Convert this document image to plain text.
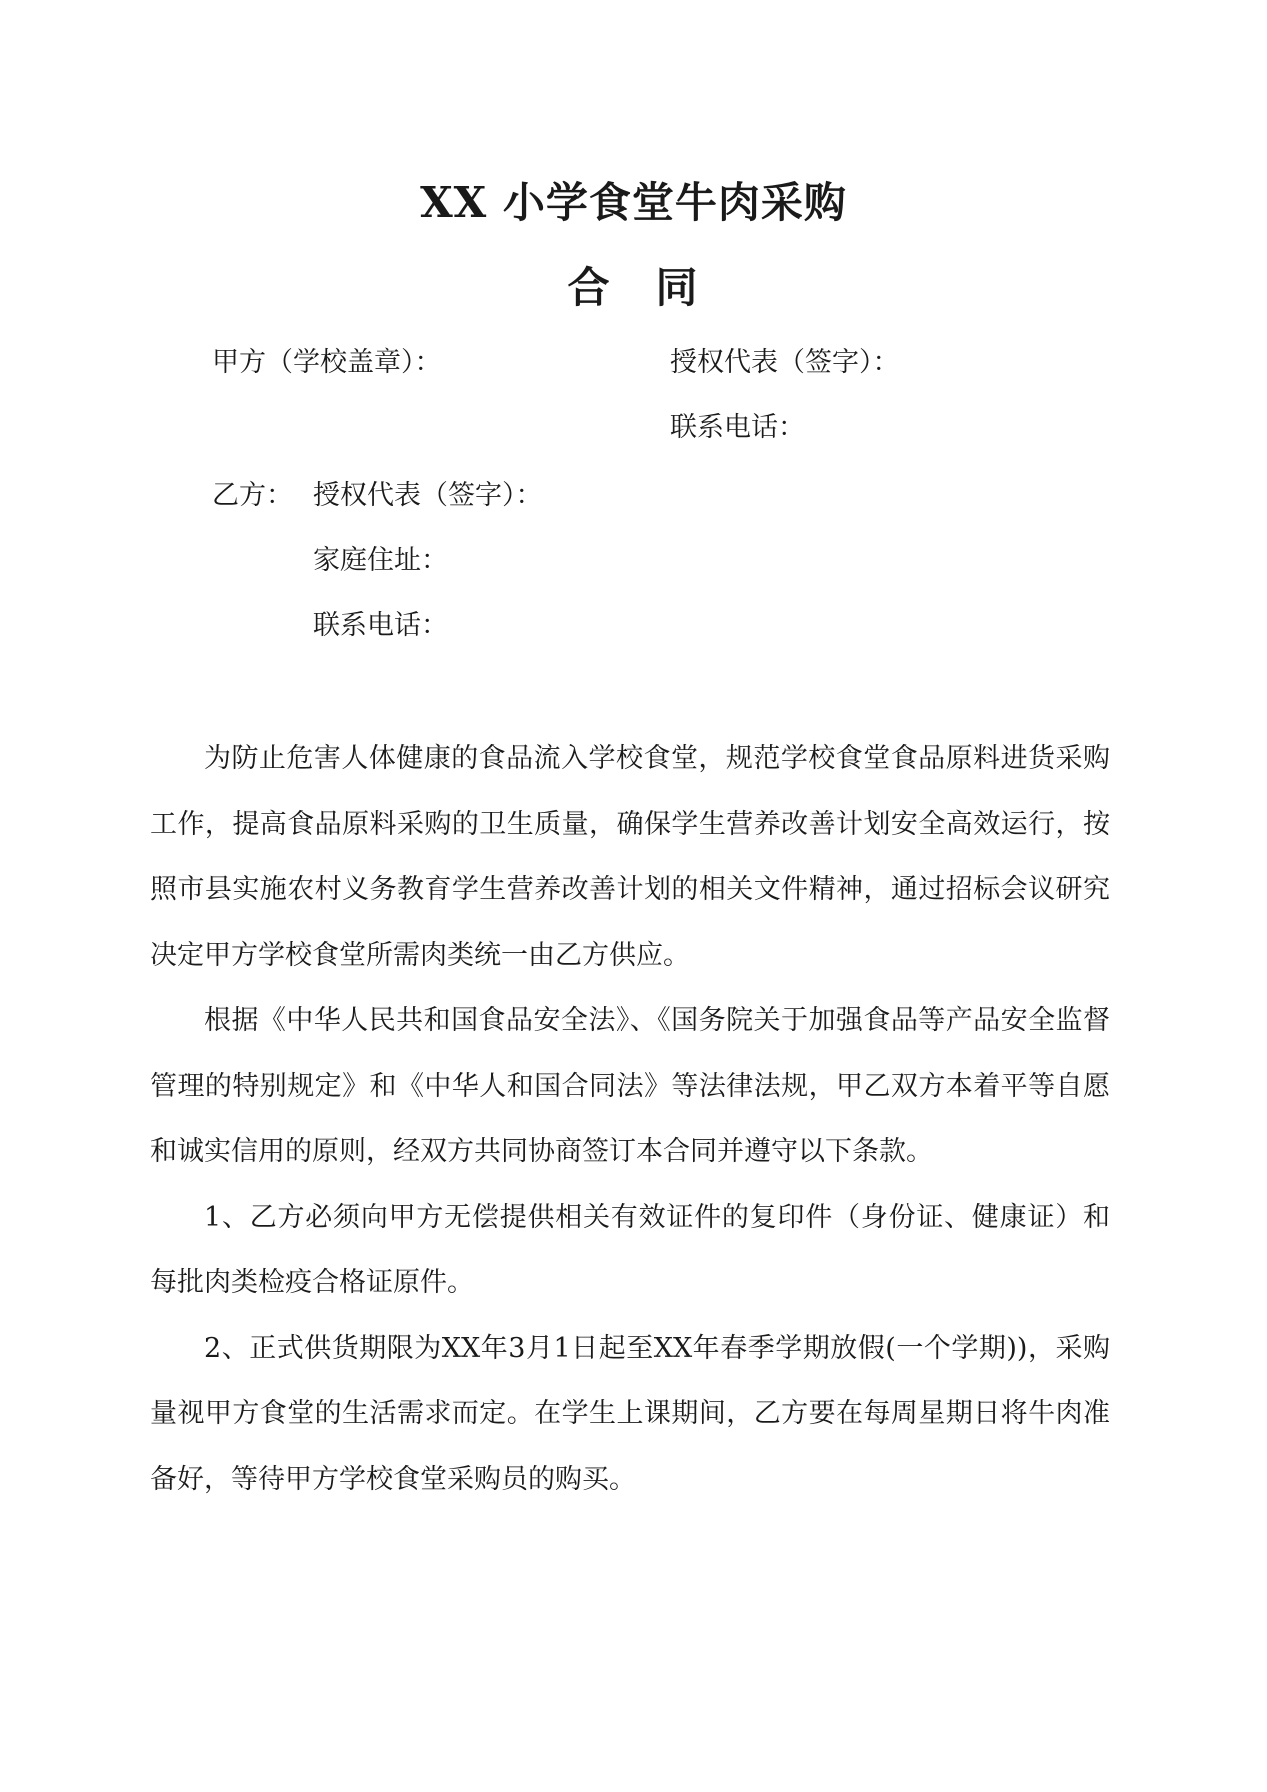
XX 小学食堂牛肉采购
合　同
甲方（学校盖章）：	授权代表（签字）：
联系电话：
乙方： 授权代表（签字）：
家庭住址：
联系电话：

为防止危害人体健康的食品流入学校食堂，规范学校食堂食品原料进货采购工作，提高食品原料采购的卫生质量，确保学生营养改善计划安全高效运行，按照市县实施农村义务教育学生营养改善计划的相关文件精神，通过招标会议研究决定甲方学校食堂所需肉类统一由乙方供应。

根据《中华人民共和国食品安全法》、《国务院关于加强食品等产品安全监督管理的特别规定》和《中华人和国合同法》等法律法规，甲乙双方本着平等自愿和诚实信用的原则，经双方共同协商签订本合同并遵守以下条款。

1、乙方必须向甲方无偿提供相关有效证件的复印件（身份证、健康证）和每批肉类检疫合格证原件。

2、正式供货期限为XX年3月1日起至XX年春季学期放假(一个学期))，采购量视甲方食堂的生活需求而定。在学生上课期间，乙方要在每周星期日将牛肉准备好，等待甲方学校食堂采购员的购买。
